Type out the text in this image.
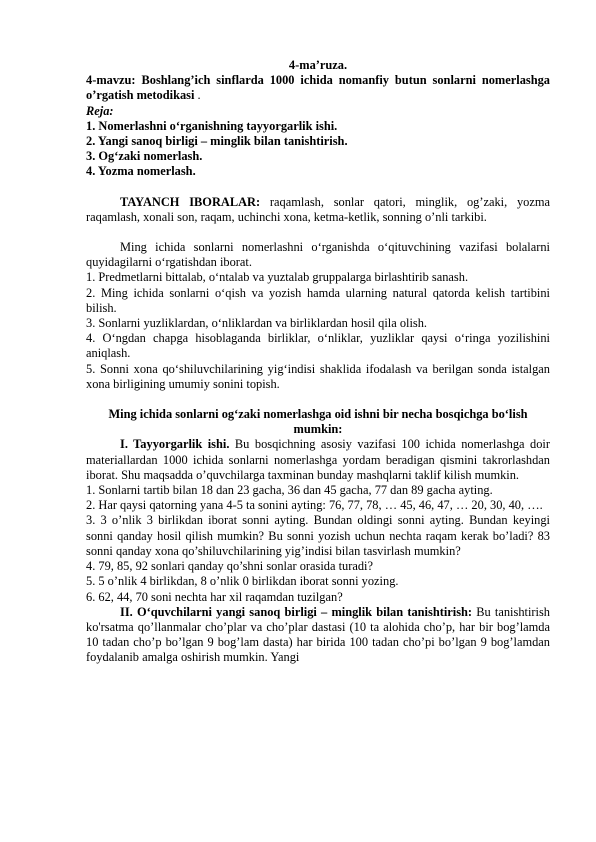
4-ma’ruza.

4-mavzu: Boshlang’ich sinflarda 1000 ichida nomanfiy butun sonlarni nomerlashga o’rgatish metodikasi .

Reja:

1. Nomerlashni o‘rganishning tayyorgarlik ishi.

2. Yangi sanoq birligi – minglik bilan tanishtirish.

3. Og‘zaki nomerlash.

4. Yozma nomerlash.

TAYANCH IBORALAR: raqamlash, sonlar qatori, minglik, og’zaki, yozma raqamlash, xonali son, raqam, uchinchi xona, ketma-ketlik, sonning o’nli tarkibi.

Ming ichida sonlarni nomerlashni o‘rganishda o‘qituvchining vazifasi bolalarni quyidagilarni o‘rgatishdan iborat.

1. Predmetlarni bittalab, o‘ntalab va yuztalab gruppalarga birlashtirib sanash.

2. Ming ichida sonlarni o‘qish va yozish hamda ularning natural qatorda kelish tartibini bilish.

3. Sonlarni yuzliklardan, o‘nliklardan va birliklardan hosil qila olish.

4. O‘ngdan chapga hisoblaganda birliklar, o‘nliklar, yuzliklar qaysi o‘ringa yozilishini aniqlash.

5. Sonni xona qo‘shiluvchilarining yig‘indisi shaklida ifodalash va berilgan sonda istalgan xona birligining umumiy sonini topish.

Ming ichida sonlarni og‘zaki nomerlashga oid ishni bir necha bosqichga bo‘lish mumkin:

I. Tayyorgarlik ishi. Bu bosqichning asosiy vazifasi 100 ichida nomerlashga doir materiallardan 1000 ichida sonlarni nomerlashga yordam beradigan qismini takrorlashdan iborat. Shu maqsadda o’quvchilarga taxminan bunday mashqlarni taklif kilish mumkin.

1. Sonlarni tartib bilan 18 dan 23 gacha, 36 dan 45 gacha, 77 dan 89 gacha ayting.

2. Har qaysi qatorning yana 4-5 ta sonini ayting: 76, 77, 78, … 45, 46, 47, … 20, 30, 40, ….

3. 3 o’nlik 3 birlikdan iborat sonni ayting. Bundan oldingi sonni ayting. Bundan keyingi sonni qanday hosil qilish mumkin? Bu sonni yozish uchun nechta raqam kerak bo’ladi? 83 sonni qanday xona qo’shiluvchilarining yig’indisi bilan tasvirlash mumkin?

4. 79, 85, 92 sonlari qanday qo’shni sonlar orasida turadi?

5. 5 o’nlik 4 birlikdan, 8 o’nlik 0 birlikdan iborat sonni yozing.

6. 62, 44, 70 soni nechta har xil raqamdan tuzilgan?

II. O‘quvchilarni yangi sanoq birligi – minglik bilan tanishtirish: Bu tanishtirish ko'rsatma qo’llanmalar cho’plar va cho’plar dastasi (10 ta alohida cho’p, har bir bog’lamda 10 tadan cho’p bo’lgan 9 bog’lam dasta) har birida 100 tadan cho’pi bo’lgan 9 bog’lamdan foydalanib amalga oshirish mumkin. Yangi
